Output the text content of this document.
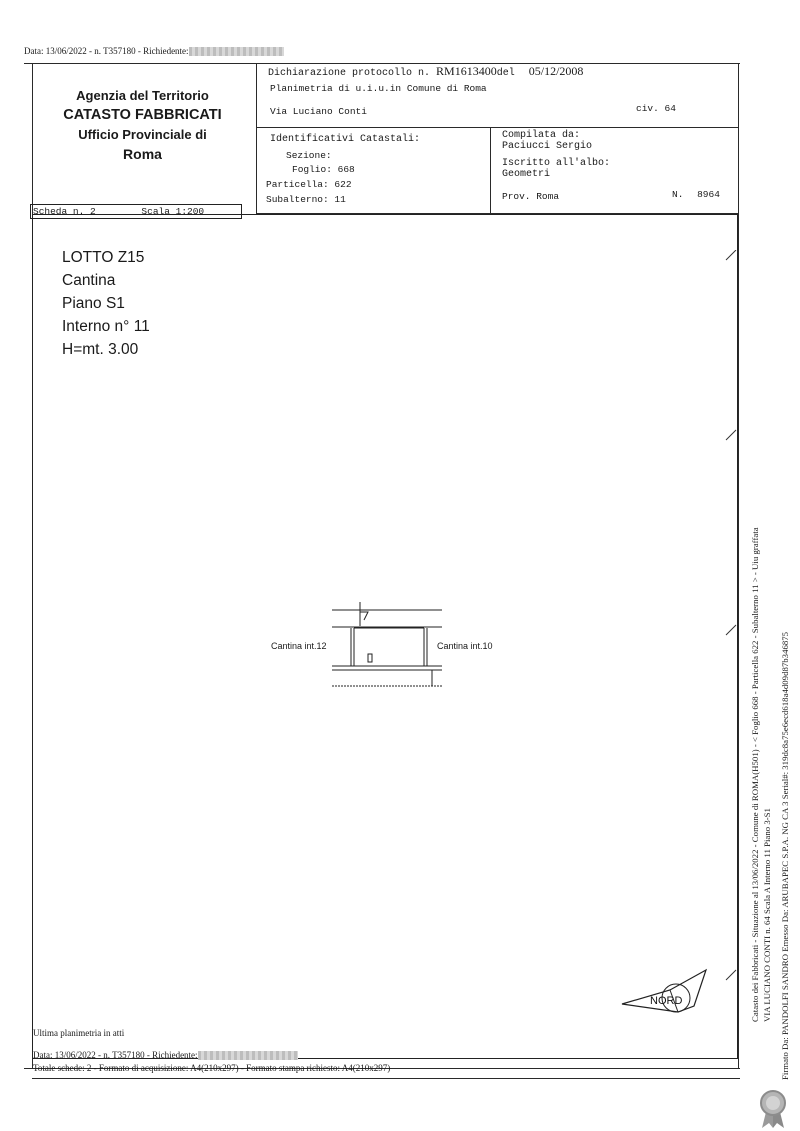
Data: 13/06/2022 - n. T357180 - Richiedente:
Agenzia del Territorio
CATASTO FABBRICATI
Ufficio Provinciale di
Roma
Dichiarazione protocollo n. RM1613400del 05/12/2008
Planimetria di u.i.u.in Comune di Roma
Via Luciano Conti	civ. 64
Identificativi Catastali:
Sezione:
Foglio: 668
Particella: 622
Subalterno: 11
Compilata da:
Paciucci Sergio
Iscritto all'albo:
Geometri
Prov. Roma	N. 8964
Scheda n. 2	Scala 1:200
LOTTO Z15
Cantina
Piano S1
Interno n° 11
H=mt. 3.00
Cantina int.12	Cantina int.10
NORD
Ultima planimetria in atti
Data: 13/06/2022 - n. T357180 - Richiedente:
Totale schede: 2 - Formato di acquisizione: A4(210x297) - Formato stampa richiesto: A4(210x297)
Catasto dei Fabbricati - Situazione al 13/06/2022 - Comune di ROMA(H501) - < Foglio 668 - Particella 622 - Subalterno 11 > - Uiu graffata VIA LUCIANO CONTI n. 64 Scala A Interno 11 Piano 3-S1 Firmato Da: PANDOLFI SANDRO Emesso Da: ARUBAPEC S.P.A. NG CA 3 Serial#: 319dc8a75e6ecd618a4d09d87b346875
